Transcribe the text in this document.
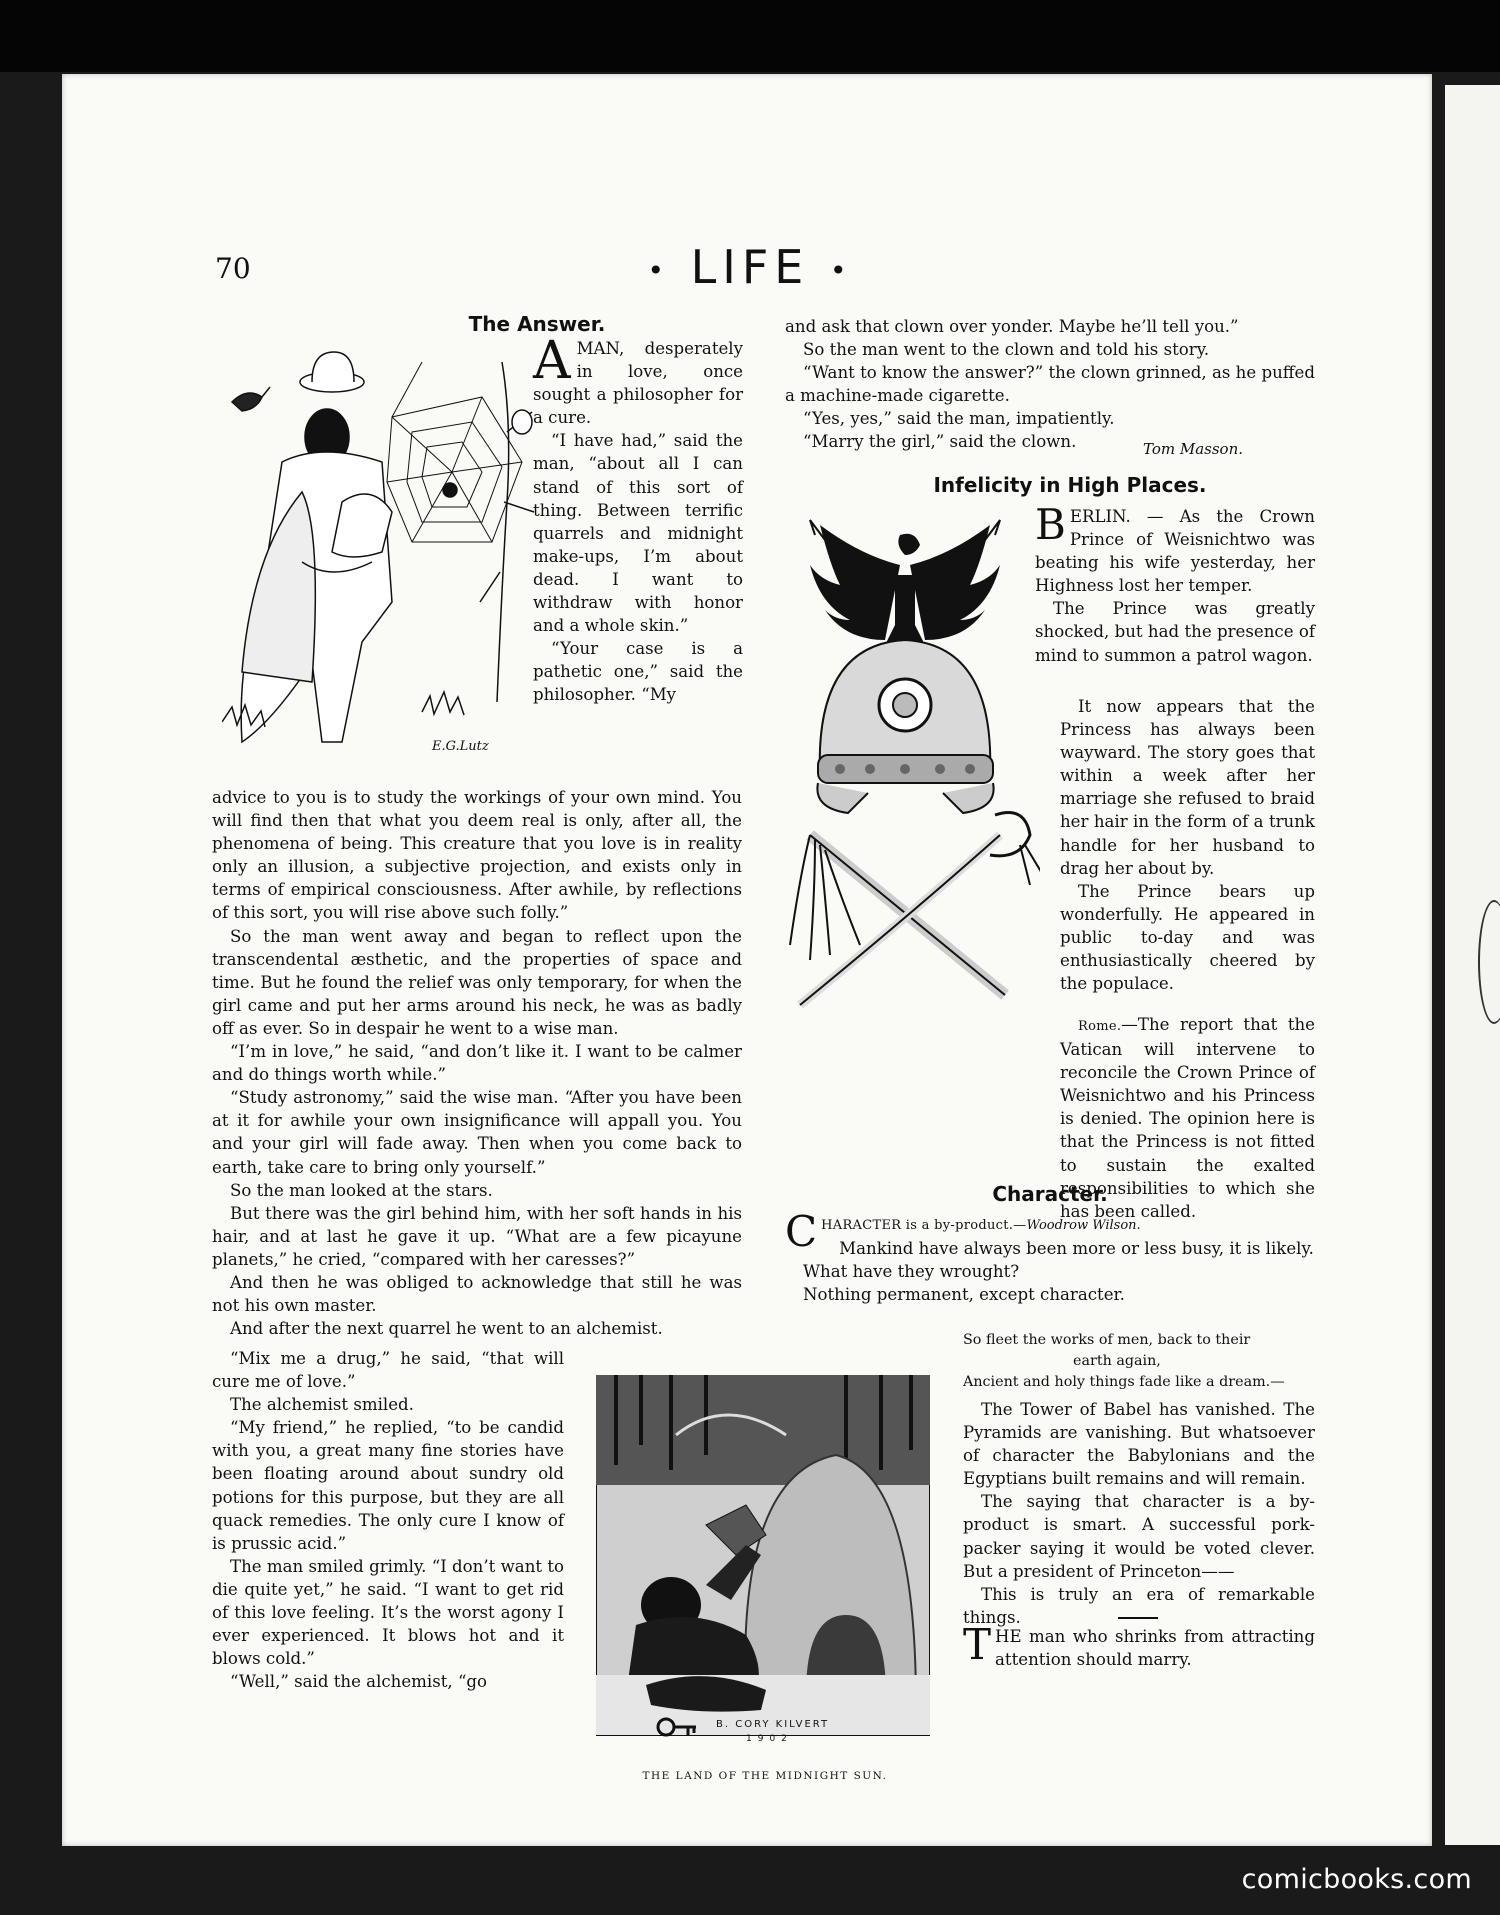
70	• LIFE •
The Answer.
E.G.Lutz

AMAN, desperately in love, once sought a philosopher for a cure.

“I have had,” said the man, “about all I can stand of this sort of thing. Between terrific quarrels and midnight make-ups, I’m about dead. I want to withdraw with honor and a whole skin.”

“Your case is a pathetic one,” said the philosopher. “My

advice to you is to study the workings of your own mind. You will find then that what you deem real is only, after all, the phenomena of being. This creature that you love is in reality only an illusion, a subjective projection, and exists only in terms of empirical consciousness. After awhile, by reflections of this sort, you will rise above such folly.”

So the man went away and began to reflect upon the transcendental æsthetic, and the properties of space and time. But he found the relief was only temporary, for when the girl came and put her arms around his neck, he was as badly off as ever. So in despair he went to a wise man.

“I’m in love,” he said, “and don’t like it. I want to be calmer and do things worth while.”

“Study astronomy,” said the wise man. “After you have been at it for awhile your own insignificance will appall you. You and your girl will fade away. Then when you come back to earth, take care to bring only yourself.”

So the man looked at the stars.

But there was the girl behind him, with her soft hands in his hair, and at last he gave it up. “What are a few picayune planets,” he cried, “compared with her caresses?”

And then he was obliged to acknowledge that still he was not his own master.

And after the next quarrel he went to an alchemist.

“Mix me a drug,” he said, “that will cure me of love.”

The alchemist smiled.

“My friend,” he replied, “to be candid with you, a great many fine stories have been floating around about sundry old potions for this purpose, but they are all quack remedies. The only cure I know of is prussic acid.”

The man smiled grimly. “I don’t want to die quite yet,” he said. “I want to get rid of this love feeling. It’s the worst agony I ever experienced. It blows hot and it blows cold.”

“Well,” said the alchemist, “go

B. CORY KILVERT
1902
THE LAND OF THE MIDNIGHT SUN.

and ask that clown over yonder. Maybe he’ll tell you.”

So the man went to the clown and told his story.

“Want to know the answer?” the clown grinned, as he puffed a machine-made cigarette.

“Yes, yes,” said the man, impatiently.

“Marry the girl,” said the clown.	Tom Masson.
Infelicity in High Places.

BERLIN. — As the Crown Prince of Weisnichtwo was beating his wife yesterday, her Highness lost her temper.

The Prince was greatly shocked, but had the presence of mind to summon a patrol wagon.

It now appears that the Princess has always been wayward. The story goes that within a week after her marriage she refused to braid her hair in the form of a trunk handle for her husband to drag her about by.

The Prince bears up wonderfully. He appeared in public to-day and was enthusiastically cheered by the populace.

Rome.—The report that the Vatican will intervene to reconcile the Crown Prince of Weisnichtwo and his Princess is denied. The opinion here is that the Princess is not fitted to sustain the exalted responsibilities to which she has been called.

Character.

CHARACTER is a by-product.—Woodrow Wilson.

Mankind have always been more or less busy, it is likely.

What have they wrought?

Nothing permanent, except character.

So fleet the works of men, back to their
earth again,
Ancient and holy things fade like a dream.—

The Tower of Babel has vanished. The Pyramids are vanishing. But whatsoever of character the Babylonians and the Egyptians built remains and will remain.

The saying that character is a by-product is smart. A successful pork-packer saying it would be voted clever. But a president of Princeton——

This is truly an era of remarkable things.

THE man who shrinks from attracting attention should marry.

comicbooks.com
